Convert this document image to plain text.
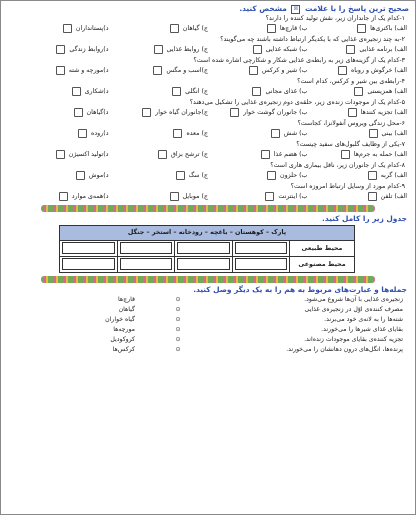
صحیح ترین پاسخ را با علامت ☒ مشخص کنید.
۱-کدام یک از جانداران زیر، نقش تولید کننده را دارند؟
الف) باکتری‌ها
ب) قارچ‌ها
ج) گیاهان
د)پستانداران
۲-به چند زنجیره‌ی غذایی که با یکدیگر ارتباط داشته باشند چه می‌گویند؟
الف) برنامه غذایی
ب) شبکه غذایی
ج) روابط غذایی
د)روابط زندگی
۳-کدام یک از گزینه‌های زیر به رابطه‌ی غذایی شکار و شکارچی اشاره شده است؟
الف) خرگوش و روباه
ب) شیر و کرکس
ج)اسب و مگس
د)مورچه و شته
۴-رابطه‌ی بین شیر و کرکس، کدام است؟
الف) همزیستی
ب) غذای مجانی
ج) انگلی
د)شکاری
۵-کدام یک از موجودات زنده‌ی زیر، حلقه‌ی دوم زنجیره‌ی غذایی را تشکیل می‌دهند؟
الف) تجزیه کنندها
ب) جانوران گوشت خوار
ج)جانوران گیاه خوار
د)گیاهان
۶-محل زندگی ویروس آنفولانزا، کجاست؟
الف) بینی
ب) شش
ج) معده
د)روده
۷-یکی از وظایف گلبول‌های سفید چیست؟
الف) حمله به جرم‌ها
ب) هضم غذا
ج) ترشح بزاق
د)تولید اکسیژن
۸-کدام یک از جانوران زیر، ناقل بیماری هاری است؟
الف) گربه
ب) حلزون
ج) سگ
د)موش
۹-کدام مورد از وسایل ارتباط امروزه است؟
الف) تلفن
ب) اینترنت
ج) موبایل
د)همه‌ی موارد
جدول زیر را کامل کنید.
پارک – کوهستان – باغچه – رودخانه – استخر – جنگل				
محیط طبیعی	

محیط مصنوعی	

جمله‌ها و عبارت‌های مربوط به هم را به یک دیگر وصل کنید.
زنجیره‌ی غذایی با آن‌ها شروع می‌شود.
⊙
قارچ‌ها
مصرف کننده‌ی اوّل در زنجیره‌ی غذایی
⊙
گیاهان
شته‌ها را به لانه‌ی خود می‌برند.
⊙
گیاه خواران
بقایای غذای شیرها را می‌خورند.
⊙
مورچه‌ها
تجزیه کننده‌ی بقایای موجودات زنده‌اند.
⊙
کروکودیل
پرنده‌ها، انگل‌های درون دهانشان را می‌خورند.
⊙
کرکس‌ها
